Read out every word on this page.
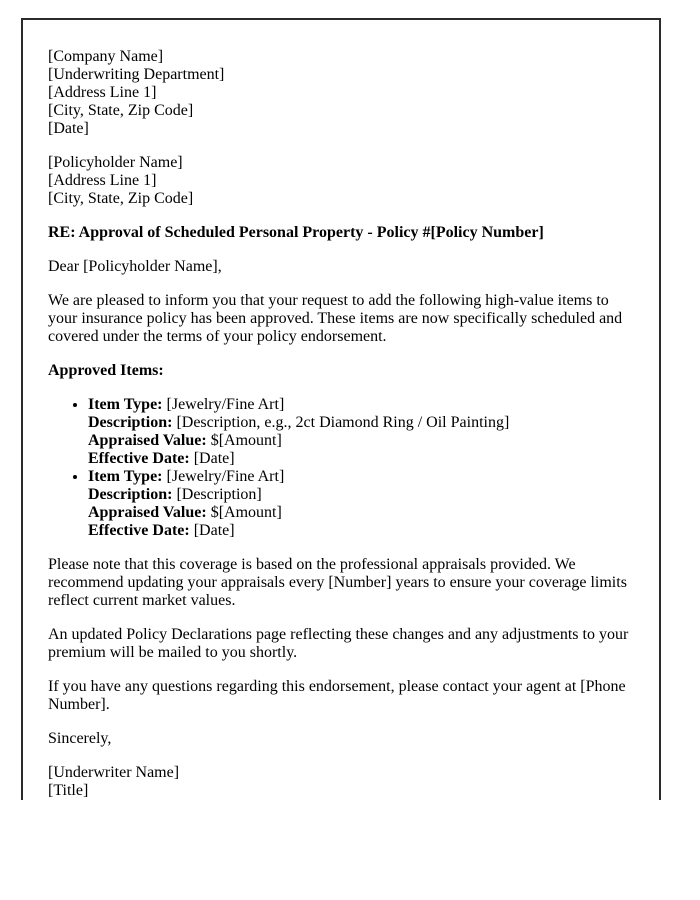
[Company Name]
[Underwriting Department]
[Address Line 1]
[City, State, Zip Code]
[Date]
[Policyholder Name]
[Address Line 1]
[City, State, Zip Code]
RE: Approval of Scheduled Personal Property - Policy #[Policy Number]
Dear [Policyholder Name],
We are pleased to inform you that your request to add the following high-value items to your insurance policy has been approved. These items are now specifically scheduled and covered under the terms of your policy endorsement.
Approved Items:
• Item Type: [Jewelry/Fine Art]
Description: [Description, e.g., 2ct Diamond Ring / Oil Painting]
Appraised Value: $[Amount]
Effective Date: [Date]
• Item Type: [Jewelry/Fine Art]
Description: [Description]
Appraised Value: $[Amount]
Effective Date: [Date]
Please note that this coverage is based on the professional appraisals provided. We recommend updating your appraisals every [Number] years to ensure your coverage limits reflect current market values.
An updated Policy Declarations page reflecting these changes and any adjustments to your premium will be mailed to you shortly.
If you have any questions regarding this endorsement, please contact your agent at [Phone Number].
Sincerely,
[Underwriter Name]
[Title]
